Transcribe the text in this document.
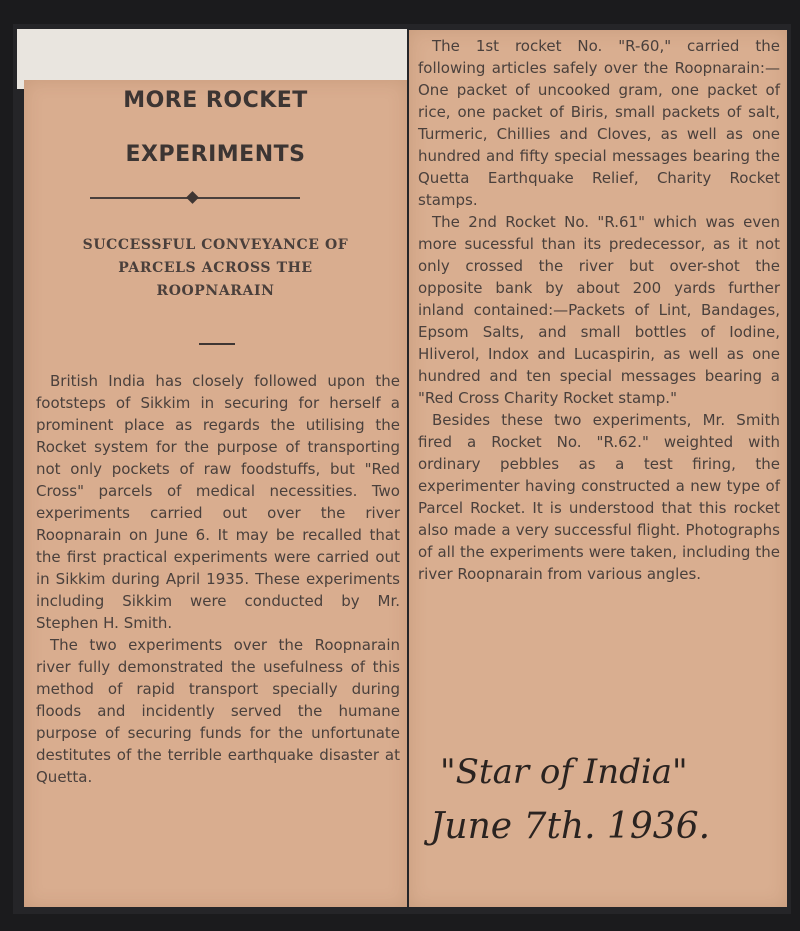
MORE ROCKET
EXPERIMENTS
SUCCESSFUL CONVEYANCE OF
PARCELS ACROSS THE
ROOPNARAIN

British India has closely followed upon the footsteps of Sikkim in securing for herself a prominent place as regards the utilising the Rocket system for the purpose of transporting not only pockets of raw foodstuffs, but "Red Cross" parcels of medical necessities. Two experiments carried out over the river Roopnarain on June 6. It may be recalled that the first practical experiments were carried out in Sikkim during April 1935. These experiments including Sikkim were conducted by Mr. Stephen H. Smith.

The two experiments over the Roopnarain river fully demonstrated the usefulness of this method of rapid transport specially during floods and incidently served the humane purpose of securing funds for the unfortunate destitutes of the terrible earthquake disaster at Quetta.

The 1st rocket No. "R-60," carried the following articles safely over the Roopnarain:—One packet of uncooked gram, one packet of rice, one packet of Biris, small packets of salt, Turmeric, Chillies and Cloves, as well as one hundred and fifty special messages bearing the Quetta Earthquake Relief, Charity Rocket stamps.

The 2nd Rocket No. "R.61" which was even more sucessful than its predecessor, as it not only crossed the river but over-shot the opposite bank by about 200 yards further inland contained:—Packets of Lint, Bandages, Epsom Salts, and small bottles of Iodine, Hliverol, Indox and Lucaspirin, as well as one hundred and ten special messages bearing a "Red Cross Charity Rocket stamp."

Besides these two experiments, Mr. Smith fired a Rocket No. "R.62." weighted with ordinary pebbles as a test firing, the experimenter having constructed a new type of Parcel Rocket. It is understood that this rocket also made a very successful flight. Photographs of all the experiments were taken, including the river Roopnarain from various angles.

"Star of India"
June 7th. 1936.
